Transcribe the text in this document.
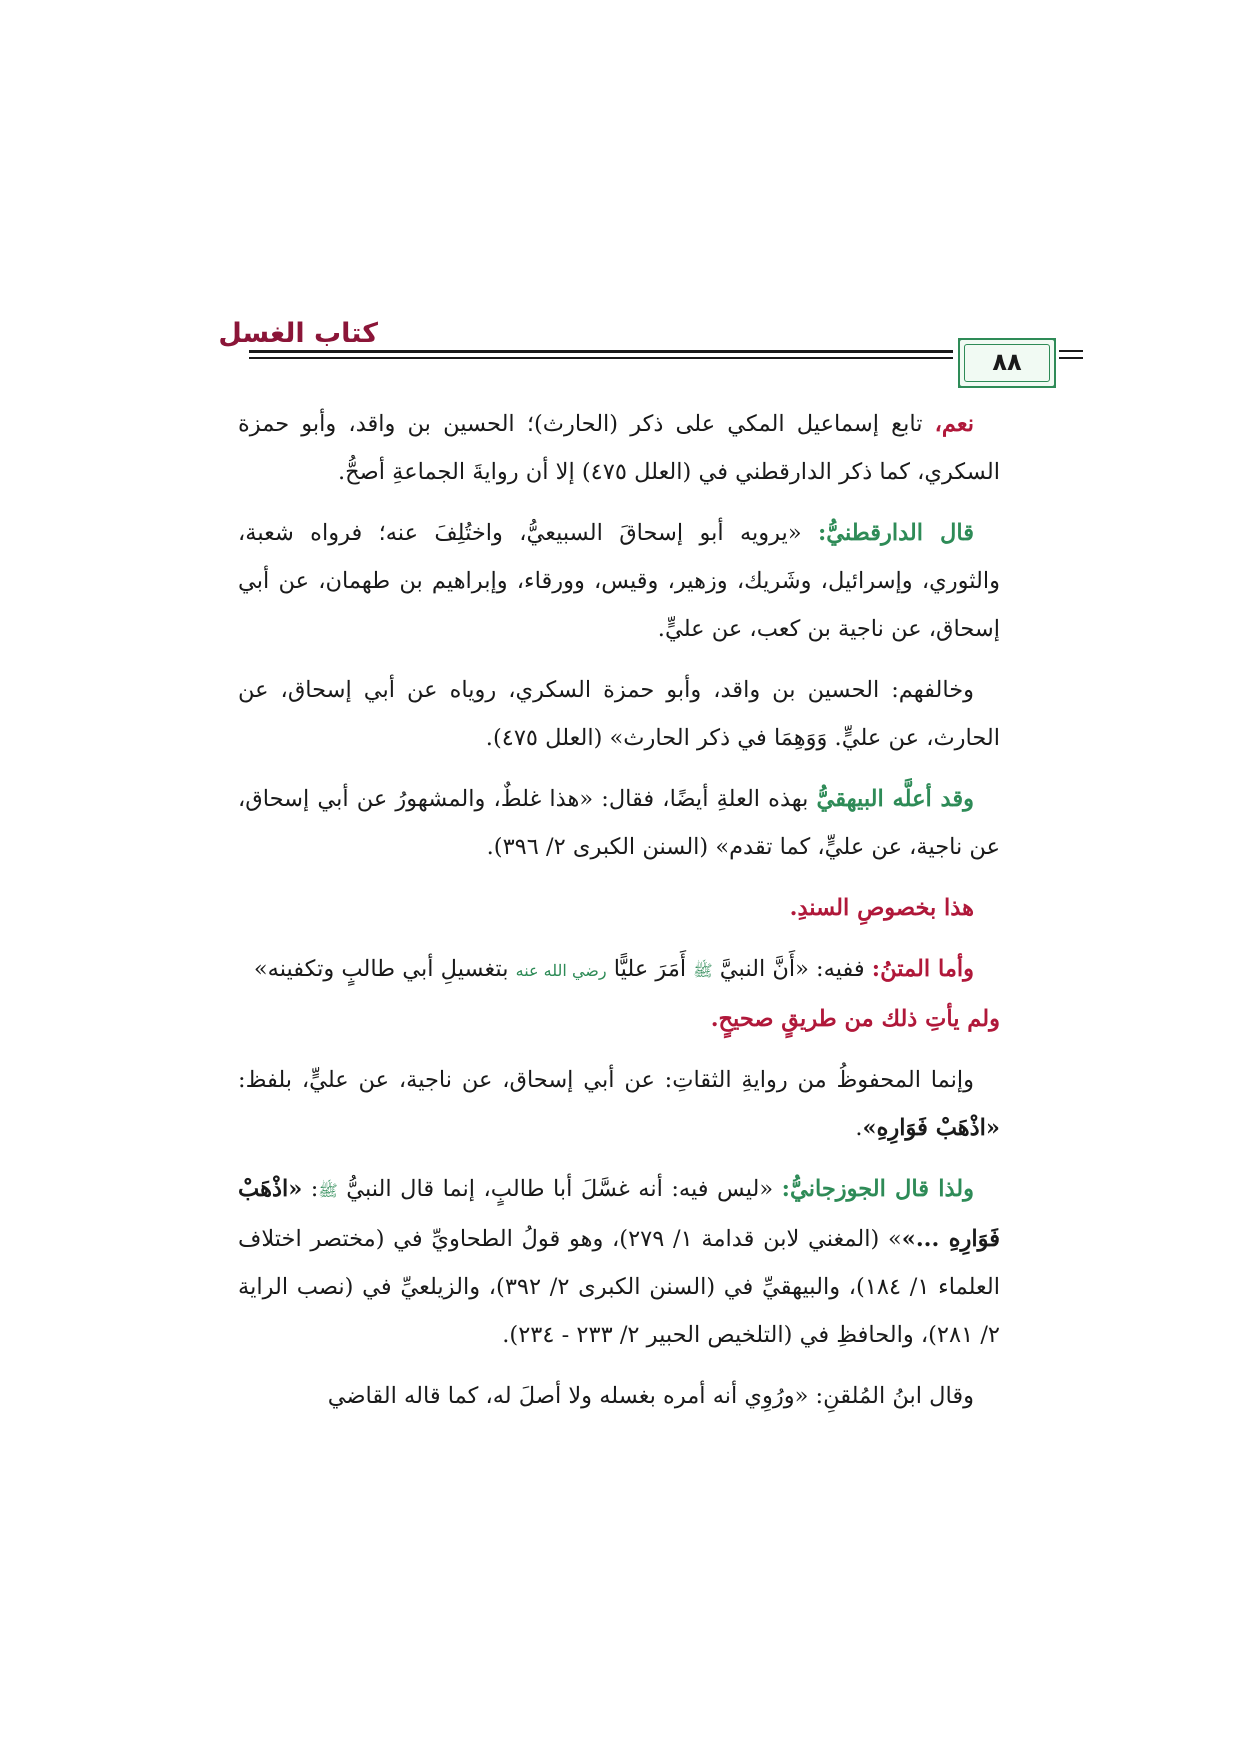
كتاب الغسل
٨٨

نعم، تابع إسماعيل المكي على ذكر (الحارث)؛ الحسين بن واقد، وأبو حمزة السكري، كما ذكر الدارقطني في (العلل ٤٧٥) إلا أن روايةَ الجماعةِ أصحُّ.

قال الدارقطنيُّ: «يرويه أبو إسحاقَ السبيعيُّ، واختُلِفَ عنه؛ فرواه شعبة، والثوري، وإسرائيل، وشَريك، وزهير، وقيس، وورقاء، وإبراهيم بن طهمان، عن أبي إسحاق، عن ناجية بن كعب، عن عليٍّ.

وخالفهم: الحسين بن واقد، وأبو حمزة السكري، روياه عن أبي إسحاق، عن الحارث، عن عليٍّ. وَوَهِمَا في ذكر الحارث» (العلل ٤٧٥).

وقد أعلَّه البيهقيُّ بهذه العلةِ أيضًا، فقال: «هذا غلطٌ، والمشهورُ عن أبي إسحاق، عن ناجية، عن عليٍّ، كما تقدم» (السنن الكبرى ٢/ ٣٩٦).

هذا بخصوصِ السندِ.

وأما المتنُ: ففيه: «أَنَّ النبيَّ ﷺ أَمَرَ عليًّا رضي الله عنه بتغسيلِ أبي طالبٍ وتكفينه»
ولم يأتِ ذلك من طريقٍ صحيحٍ.

وإنما المحفوظُ من روايةِ الثقاتِ: عن أبي إسحاق، عن ناجية، عن عليٍّ، بلفظ: «اذْهَبْ فَوَارِهِ».

ولذا قال الجوزجانيُّ: «ليس فيه: أنه غسَّلَ أبا طالبٍ، إنما قال النبيُّ ﷺ: «اذْهَبْ فَوَارِهِ ...»» (المغني لابن قدامة ١/ ٢٧٩)، وهو قولُ الطحاويِّ في (مختصر اختلاف العلماء ١/ ١٨٤)، والبيهقيِّ في (السنن الكبرى ٢/ ٣٩٢)، والزيلعيِّ في (نصب الراية ٢/ ٢٨١)، والحافظِ في (التلخيص الحبير ٢/ ٢٣٣ - ٢٣٤).

وقال ابنُ المُلقنِ: «ورُوِي أنه أمره بغسله ولا أصلَ له، كما قاله القاضي
